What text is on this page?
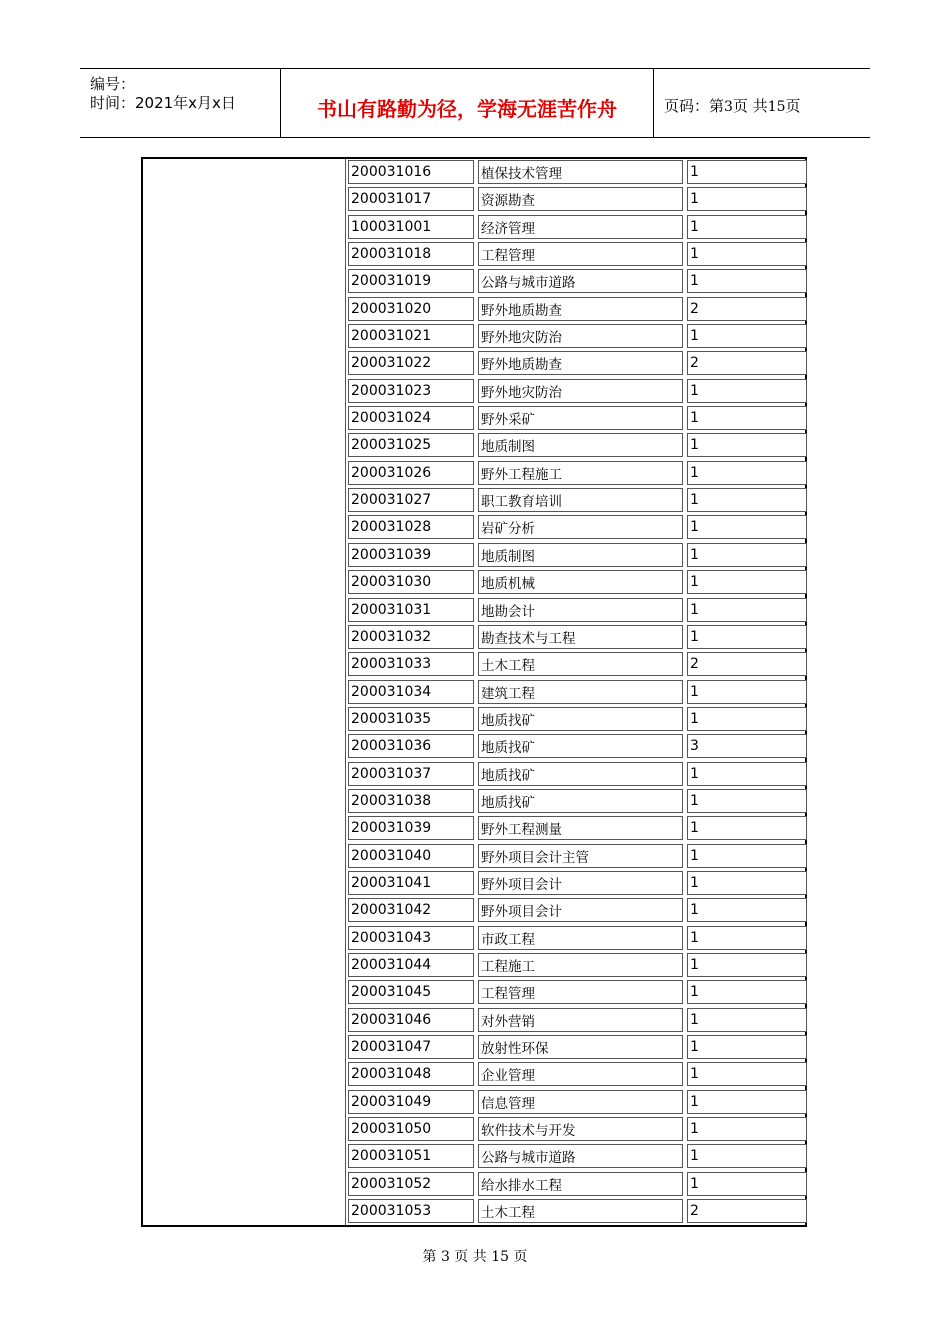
编号：
时间：2021年x月x日	书山有路勤为径，学海无涯苦作舟	页码：第3页 共15页
200031016	植保技术管理	1
200031017	资源勘查	1
100031001	经济管理	1
200031018	工程管理	1
200031019	公路与城市道路	1
200031020	野外地质勘查	2
200031021	野外地灾防治	1
200031022	野外地质勘查	2
200031023	野外地灾防治	1
200031024	野外采矿	1
200031025	地质制图	1
200031026	野外工程施工	1
200031027	职工教育培训	1
200031028	岩矿分析	1
200031039	地质制图	1
200031030	地质机械	1
200031031	地勘会计	1
200031032	勘查技术与工程	1
200031033	土木工程	2
200031034	建筑工程	1
200031035	地质找矿	1
200031036	地质找矿	3
200031037	地质找矿	1
200031038	地质找矿	1
200031039	野外工程测量	1
200031040	野外项目会计主管	1
200031041	野外项目会计	1
200031042	野外项目会计	1
200031043	市政工程	1
200031044	工程施工	1
200031045	工程管理	1
200031046	对外营销	1
200031047	放射性环保	1
200031048	企业管理	1
200031049	信息管理	1
200031050	软件技术与开发	1
200031051	公路与城市道路	1
200031052	给水排水工程	1
200031053	土木工程	2
第 3 页 共 15 页
